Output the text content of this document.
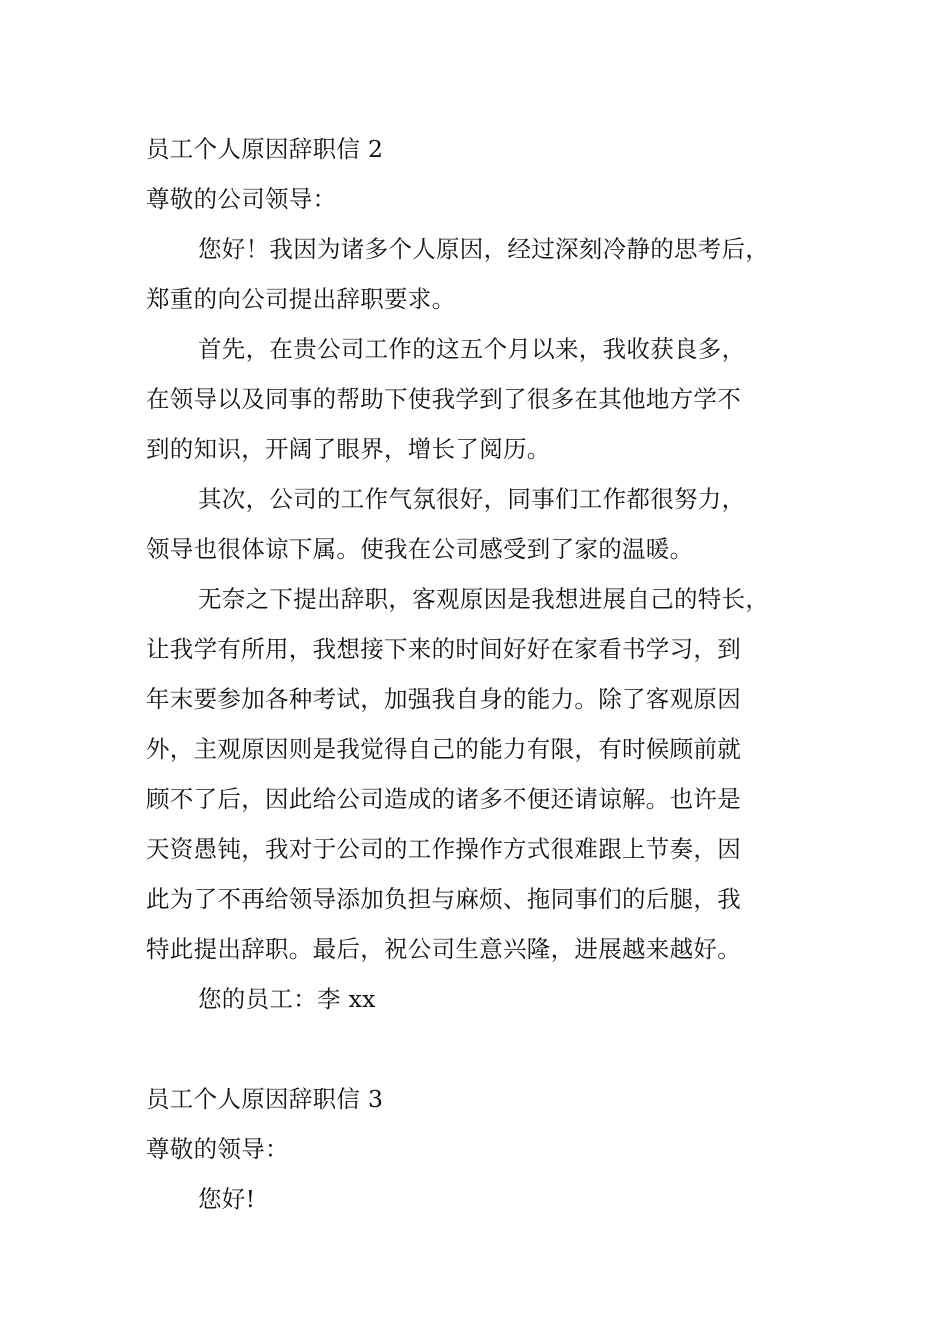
员工个人原因辞职信 2
尊敬的公司领导：
您好！我因为诸多个人原因，经过深刻冷静的思考后，
郑重的向公司提出辞职要求。
首先，在贵公司工作的这五个月以来，我收获良多，
在领导以及同事的帮助下使我学到了很多在其他地方学不
到的知识，开阔了眼界，增长了阅历。
其次，公司的工作气氛很好，同事们工作都很努力，
领导也很体谅下属。使我在公司感受到了家的温暖。
无奈之下提出辞职，客观原因是我想进展自己的特长，
让我学有所用，我想接下来的时间好好在家看书学习，到
年末要参加各种考试，加强我自身的能力。除了客观原因
外，主观原因则是我觉得自己的能力有限，有时候顾前就
顾不了后，因此给公司造成的诸多不便还请谅解。也许是
天资愚钝，我对于公司的工作操作方式很难跟上节奏，因
此为了不再给领导添加负担与麻烦、拖同事们的后腿，我
特此提出辞职。最后，祝公司生意兴隆，进展越来越好。
您的员工：李 xx
员工个人原因辞职信 3
尊敬的领导：
您好!
